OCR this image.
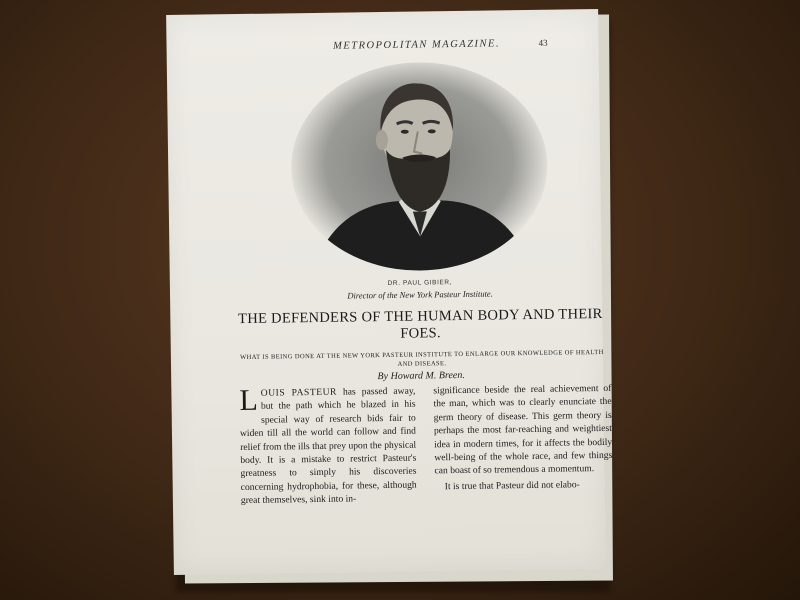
METROPOLITAN MAGAZINE.	43
DR. PAUL GIBIER,
Director of the New York Pasteur Institute.
THE DEFENDERS OF THE HUMAN BODY AND THEIR FOES.
WHAT IS BEING DONE AT THE NEW YORK PASTEUR INSTITUTE TO ENLARGE OUR KNOWLEDGE OF HEALTH AND DISEASE.
By Howard M. Breen.

LOUIS PASTEUR has passed away, but the path which he blazed in his special way of research bids fair to widen till all the world can follow and find relief from the ills that prey upon the physical body. It is a mistake to restrict Pasteur's greatness to simply his discoveries concerning hydrophobia, for these, although great themselves, sink into in-

significance beside the real achievement of the man, which was to clearly enunciate the germ theory of disease. This germ theory is perhaps the most far-reaching and weightiest idea in modern times, for it affects the bodily well-being of the whole race, and few things can boast of so tremendous a momentum.

It is true that Pasteur did not elabo-
